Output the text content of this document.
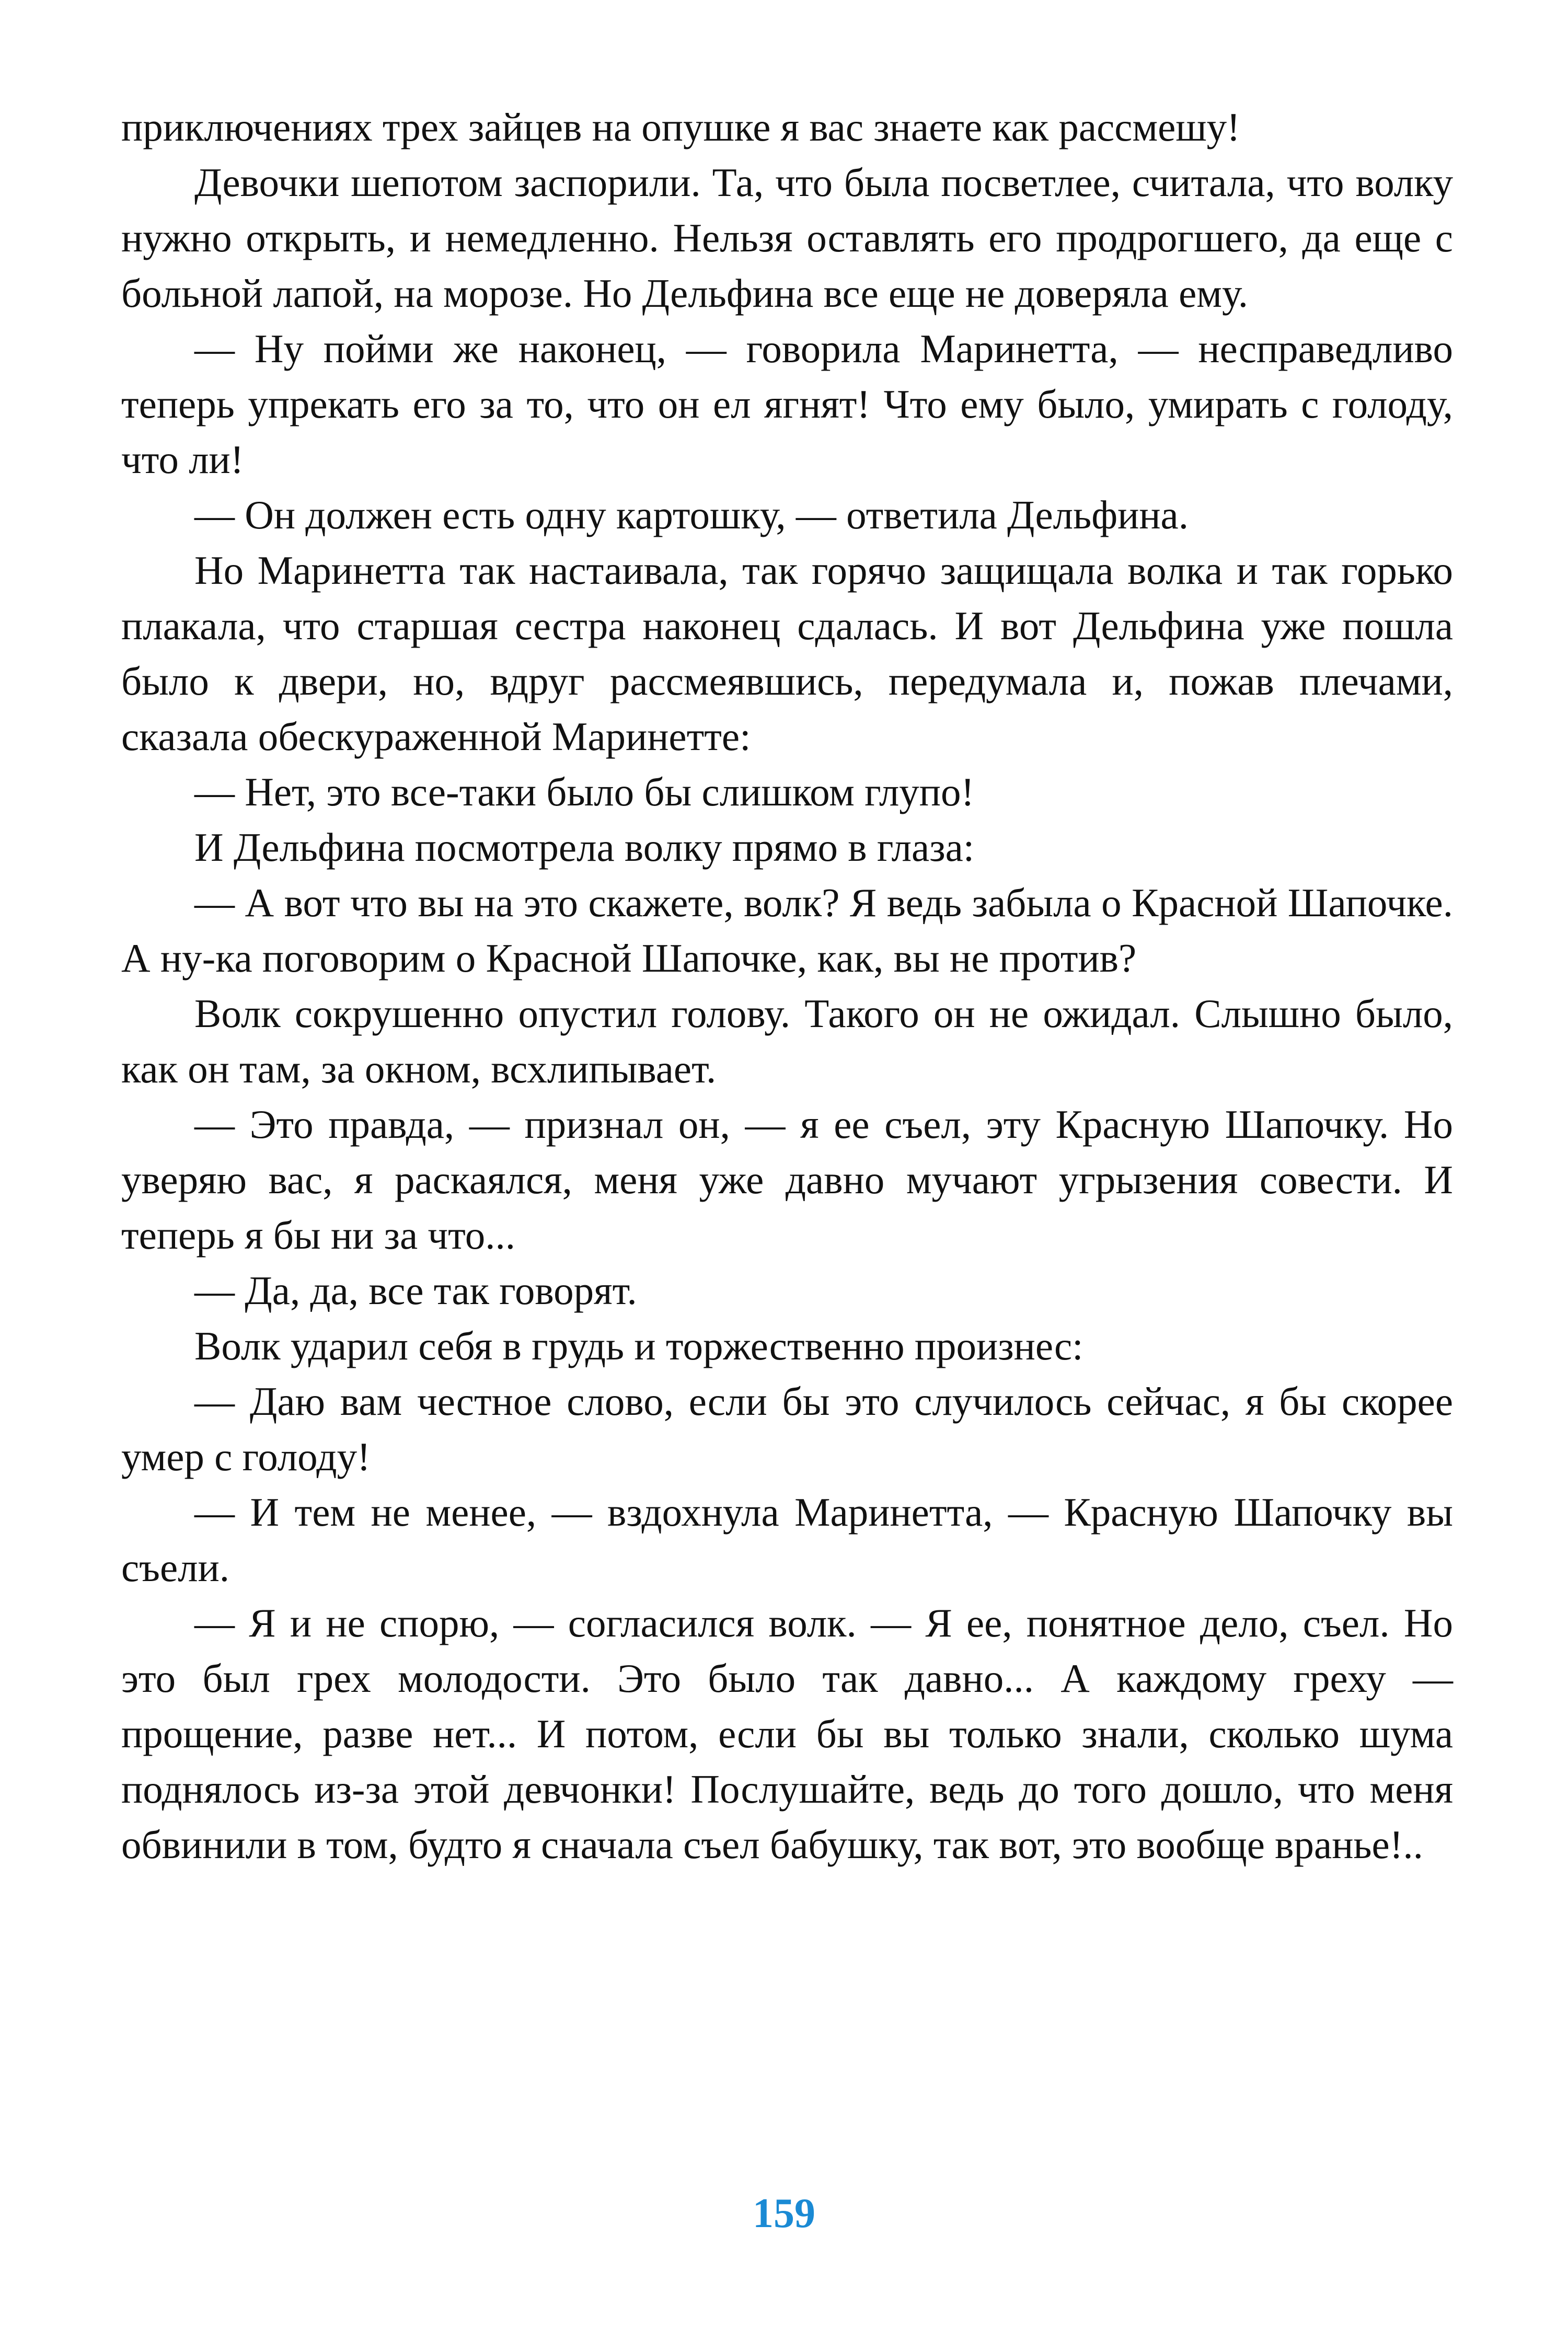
приключениях трех зайцев на опушке я вас знаете как рассмешу!

Девочки шепотом заспорили. Та, что была посветлее, считала, что волку нужно открыть, и немедленно. Нельзя оставлять его продрогшего, да еще с больной лапой, на морозе. Но Дельфина все еще не доверяла ему.

— Ну пойми же наконец, — говорила Маринетта, — несправедливо теперь упрекать его за то, что он ел ягнят! Что ему было, умирать с голоду, что ли!

— Он должен есть одну картошку, — ответила Дельфина.

Но Маринетта так настаивала, так горячо защищала волка и так горько плакала, что старшая сестра наконец сдалась. И вот Дельфина уже пошла было к двери, но, вдруг рассмеявшись, передумала и, пожав плечами, сказала обескураженной Маринетте:

— Нет, это все-таки было бы слишком глупо!

И Дельфина посмотрела волку прямо в глаза:

— А вот что вы на это скажете, волк? Я ведь забыла о Красной Шапочке. А ну-ка поговорим о Красной Шапочке, как, вы не против?

Волк сокрушенно опустил голову. Такого он не ожидал. Слышно было, как он там, за окном, всхлипывает.

— Это правда, — признал он, — я ее съел, эту Красную Шапочку. Но уверяю вас, я раскаялся, меня уже давно мучают угрызения совести. И теперь я бы ни за что...

— Да, да, все так говорят.

Волк ударил себя в грудь и торжественно произнес:

— Даю вам честное слово, если бы это случилось сейчас, я бы скорее умер с голоду!

— И тем не менее, — вздохнула Маринетта, — Красную Шапочку вы съели.

— Я и не спорю, — согласился волк. — Я ее, понятное дело, съел. Но это был грех молодости. Это было так давно... А каждому греху — прощение, разве нет... И потом, если бы вы только знали, сколько шума поднялось из-за этой девчонки! Послушайте, ведь до того дошло, что меня обвинили в том, будто я сначала съел бабушку, так вот, это вообще вранье!..

159
